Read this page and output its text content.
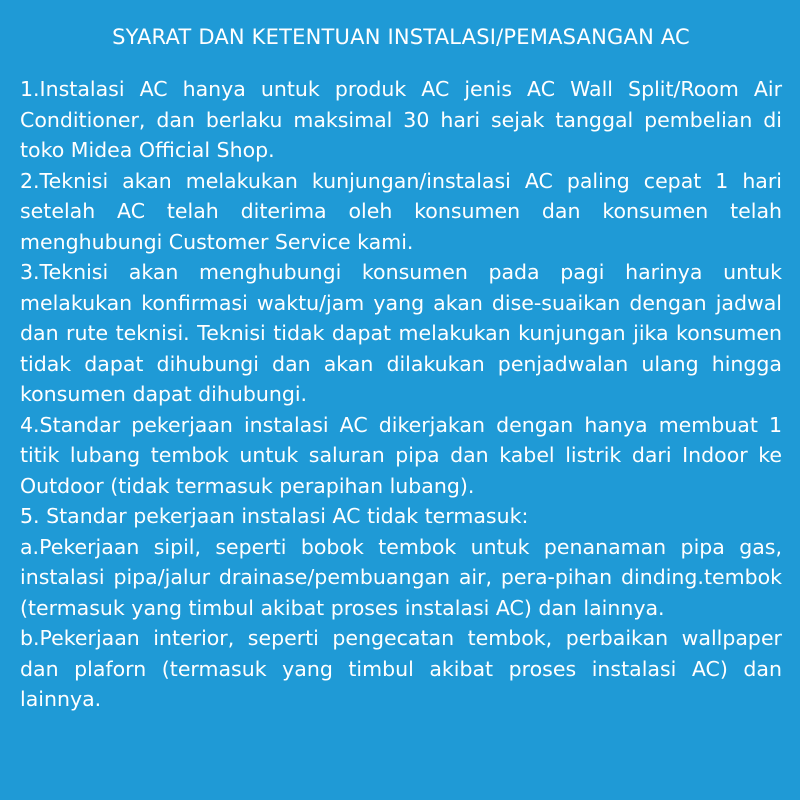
SYARAT DAN KETENTUAN INSTALASI/PEMASANGAN AC

1.Instalasi AC hanya untuk produk AC jenis AC Wall Split/Room Air Conditioner, dan berlaku maksimal 30 hari sejak tanggal pembelian di toko Midea Official Shop.

2.Teknisi akan melakukan kunjungan/instalasi AC paling cepat 1 hari setelah AC telah diterima oleh konsumen dan konsumen telah menghubungi Customer Service kami.

3.Teknisi akan menghubungi konsumen pada pagi harinya untuk melakukan konfirmasi waktu/jam yang akan dise-suaikan dengan jadwal dan rute teknisi. Teknisi tidak dapat melakukan kunjungan jika konsumen tidak dapat dihubungi dan akan dilakukan penjadwalan ulang hingga konsumen dapat dihubungi.

4.Standar pekerjaan instalasi AC dikerjakan dengan hanya membuat 1 titik lubang tembok untuk saluran pipa dan kabel listrik dari Indoor ke Outdoor (tidak termasuk perapihan lubang).

5. Standar pekerjaan instalasi AC tidak termasuk:

a.Pekerjaan sipil, seperti bobok tembok untuk penanaman pipa gas, instalasi pipa/jalur drainase/pembuangan air, pera-pihan dinding.tembok (termasuk yang timbul akibat proses instalasi AC) dan lainnya.

b.Pekerjaan interior, seperti pengecatan tembok, perbaikan wallpaper dan plaforn (termasuk yang timbul akibat proses instalasi AC) dan lainnya.
